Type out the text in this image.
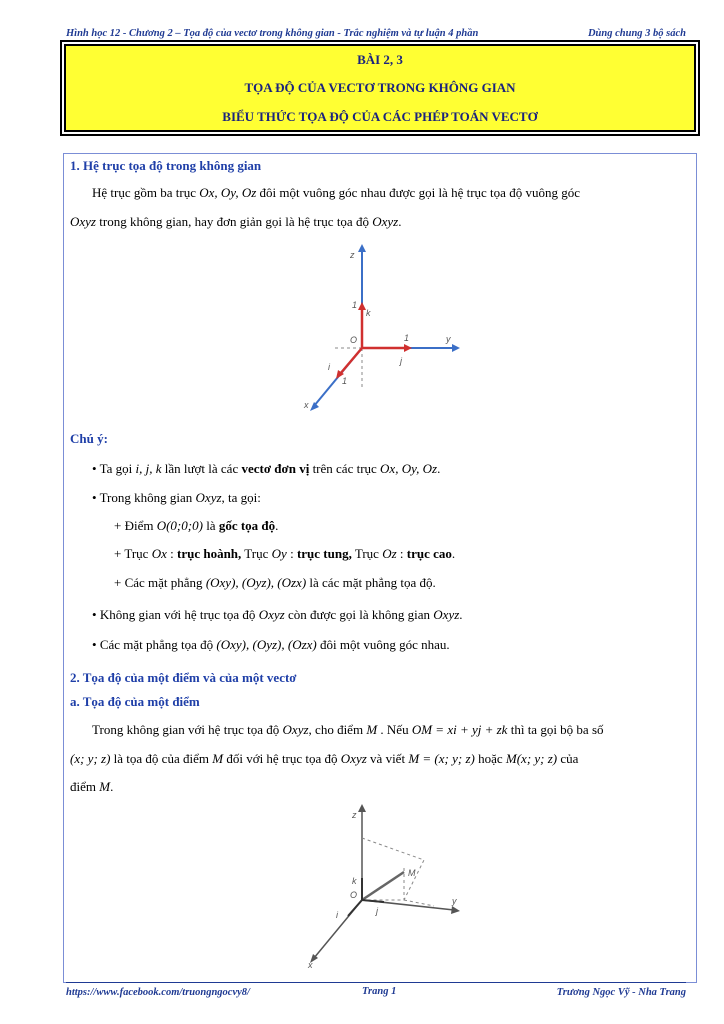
Hình học 12 - Chương 2 – Tọa độ của vectơ trong không gian - Trắc nghiệm và tự luận 4 phần	Dùng chung 3 bộ sách
BÀI 2, 3
TỌA ĐỘ CỦA VECTƠ TRONG KHÔNG GIAN
BIỂU THỨC TỌA ĐỘ CỦA CÁC PHÉP TOÁN VECTƠ
1. Hệ trục tọa độ trong không gian
Hệ trục gồm ba trục Ox, Oy, Oz đôi một vuông góc nhau được gọi là hệ trục tọa độ vuông góc
Oxyz trong không gian, hay đơn giản gọi là hệ trục tọa độ Oxyz.
z
y
x
O
1
1
1
k
j
i
Chú ý:
• Ta gọi i, j, k lần lượt là các vectơ đơn vị trên các trục Ox, Oy, Oz.
• Trong không gian Oxyz, ta gọi:
+ Điểm O(0;0;0) là gốc tọa độ.
+ Trục Ox : trục hoành, Trục Oy : trục tung, Trục Oz : trục cao.
+ Các mặt phẳng (Oxy), (Oyz), (Ozx) là các mặt phẳng tọa độ.
• Không gian với hệ trục tọa độ Oxyz còn được gọi là không gian Oxyz.
• Các mặt phẳng tọa độ (Oxy), (Oyz), (Ozx) đôi một vuông góc nhau.
2. Tọa độ của một điểm và của một vectơ
a. Tọa độ của một điểm
Trong không gian với hệ trục tọa độ Oxyz, cho điểm M . Nếu OM = xi + yj + zk thì ta gọi bộ ba số
(x; y; z) là tọa độ của điểm M đối với hệ trục tọa độ Oxyz và viết M = (x; y; z) hoặc M(x; y; z) của
điểm M.
z
y
x
O
M
k
j
i
https://www.facebook.com/truongngocvy8/	Trang 1	Trương Ngọc Vỹ - Nha Trang
